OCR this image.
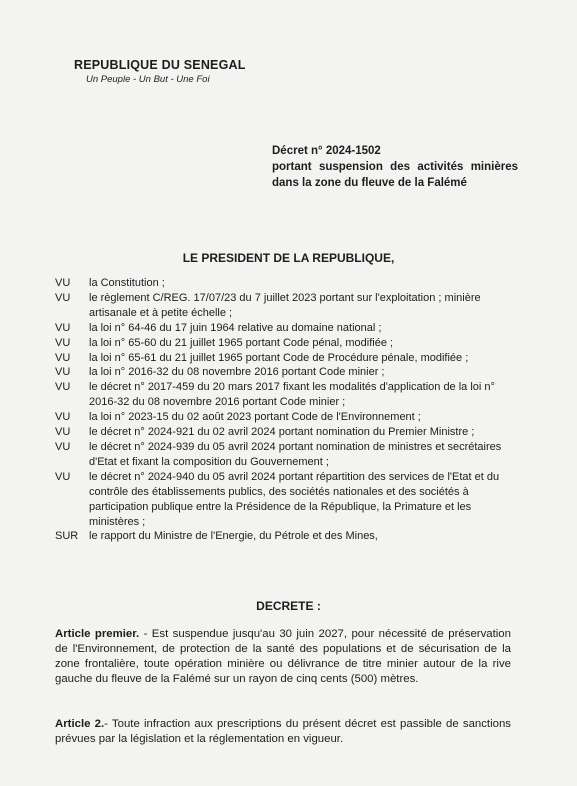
REPUBLIQUE DU SENEGAL
Un Peuple - Un But - Une Foi
Décret n° 2024-1502
portant suspension des activités minières dans la zone du fleuve de la Falémé
LE PRESIDENT DE LA REPUBLIQUE,
VU	la Constitution ;
VU	le règlement C/REG. 17/07/23 du 7 juillet 2023 portant sur l'exploitation ; minière artisanale et à petite échelle ;
VU	la loi n° 64-46 du 17 juin 1964 relative au domaine national ;
VU	la loi n° 65-60 du 21 juillet 1965 portant Code pénal, modifiée ;
VU	la loi n° 65-61 du 21 juillet 1965 portant Code de Procédure pénale, modifiée ;
VU	la loi n° 2016-32 du 08 novembre 2016 portant Code minier ;
VU	le décret n° 2017-459 du 20 mars 2017 fixant les modalités d'application de la loi n° 2016-32 du 08 novembre 2016 portant Code minier ;
VU	la loi n° 2023-15 du 02 août 2023 portant Code de l'Environnement ;
VU	le décret n° 2024-921 du 02 avril 2024 portant nomination du Premier Ministre ;
VU	le décret n° 2024-939 du 05 avril 2024 portant nomination de ministres et secrétaires d'Etat et fixant la composition du Gouvernement ;
VU	le décret n° 2024-940 du 05 avril 2024 portant répartition des services de l'Etat et du contrôle des établissements publics, des sociétés nationales et des sociétés à participation publique entre la Présidence de la République, la Primature et les ministères ;
SUR le rapport du Ministre de l'Energie, du Pétrole et des Mines,
DECRETE :
Article premier. - Est suspendue jusqu'au 30 juin 2027, pour nécessité de préservation de l'Environnement, de protection de la santé des populations et de sécurisation de la zone frontalière, toute opération minière ou délivrance de titre minier autour de la rive gauche du fleuve de la Falémé sur un rayon de cinq cents (500) mètres.
Article 2.- Toute infraction aux prescriptions du présent décret est passible de sanctions prévues par la législation et la réglementation en vigueur.
